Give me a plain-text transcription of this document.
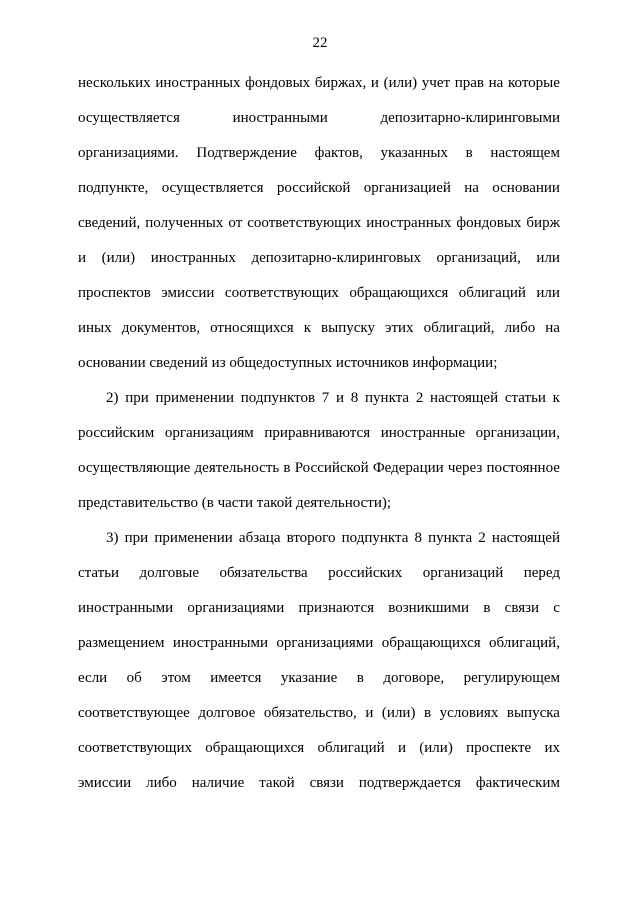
22
нескольких иностранных фондовых биржах, и (или) учет прав на которые
осуществляется	иностранными	депозитарно-клиринговыми
организациями. Подтверждение фактов, указанных в настоящем
подпункте, осуществляется российской организацией на основании
сведений, полученных от соответствующих иностранных фондовых бирж
и (или) иностранных депозитарно-клиринговых организаций, или
проспектов эмиссии соответствующих обращающихся облигаций или
иных документов, относящихся к выпуску этих облигаций, либо на
основании сведений из общедоступных источников информации;
2) при применении подпунктов 7 и 8 пункта 2 настоящей статьи к
российским организациям приравниваются иностранные организации,
осуществляющие деятельность в Российской Федерации через постоянное
представительство (в части такой деятельности);
3) при применении абзаца второго подпункта 8 пункта 2 настоящей
статьи долговые обязательства российских организаций перед
иностранными организациями признаются возникшими в связи с
размещением иностранными организациями обращающихся облигаций,
если об этом имеется указание в договоре, регулирующем
соответствующее долговое обязательство, и (или) в условиях выпуска
соответствующих обращающихся облигаций и (или) проспекте их
эмиссии либо наличие такой связи подтверждается фактическим
